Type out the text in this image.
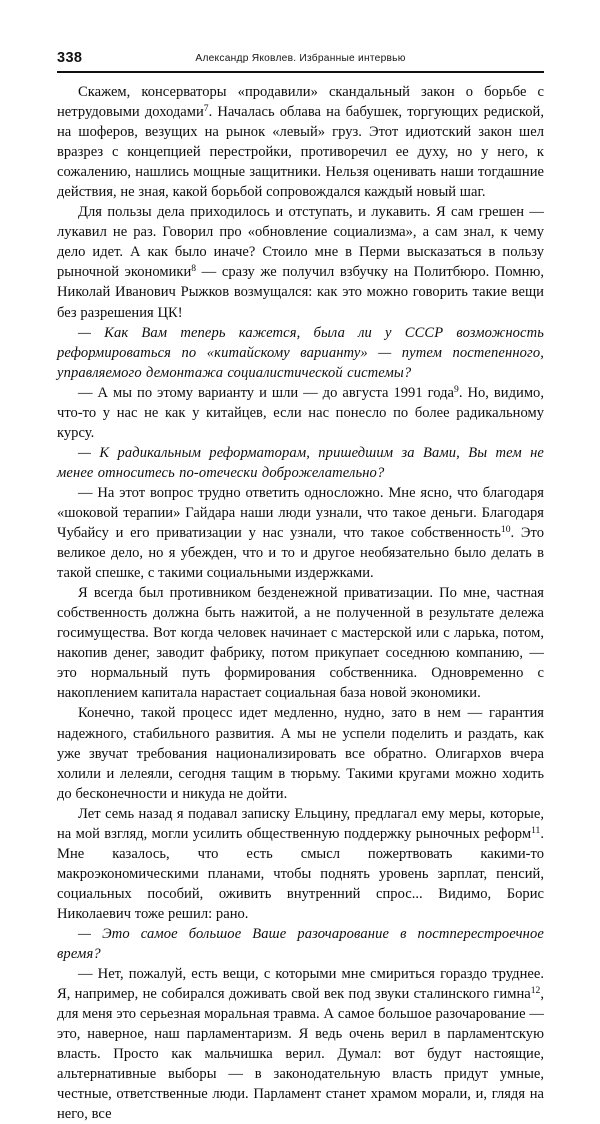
338	Александр Яковлев. Избранные интервью

Скажем, консерваторы «продавили» скандальный закон о борьбе с нетрудовыми доходами$^7$. Началась облава на бабушек, торгующих редиской, на шоферов, везущих на рынок «левый» груз. Этот идиотский закон шел вразрез с концепцией перестройки, противоречил ее духу, но у него, к сожалению, нашлись мощные защитники. Нельзя оценивать наши тогдашние действия, не зная, какой борьбой сопровождался каждый новый шаг.

Для пользы дела приходилось и отступать, и лукавить. Я сам грешен — лукавил не раз. Говорил про «обновление социализма», а сам знал, к чему дело идет. А как было иначе? Стоило мне в Перми высказаться в пользу рыночной экономики$^8$ — сразу же получил взбучку на Политбюро. Помню, Николай Иванович Рыжков возмущался: как это можно говорить такие вещи без разрешения ЦК!

— Как Вам теперь кажется, была ли у СССР возможность реформироваться по «китайскому варианту» — путем постепенного, управляемого демонтажа социалистической системы?

— А мы по этому варианту и шли — до августа 1991 года$^9$. Но, видимо, что-то у нас не как у китайцев, если нас понесло по более радикальному курсу.

— К радикальным реформаторам, пришедшим за Вами, Вы тем не менее относитесь по-отечески доброжелательно?

— На этот вопрос трудно ответить односложно. Мне ясно, что благодаря «шоковой терапии» Гайдара наши люди узнали, что такое деньги. Благодаря Чубайсу и его приватизации у нас узнали, что такое собственность$^{10}$. Это великое дело, но я убежден, что и то и другое необязательно было делать в такой спешке, с такими социальными издержками.

Я всегда был противником безденежной приватизации. По мне, частная собственность должна быть нажитой, а не полученной в результате дележа госимущества. Вот когда человек начинает с мастерской или с ларька, потом, накопив денег, заводит фабрику, потом прикупает соседнюю компанию, — это нормальный путь формирования собственника. Одновременно с накоплением капитала нарастает социальная база новой экономики.

Конечно, такой процесс идет медленно, нудно, зато в нем — гарантия надежного, стабильного развития. А мы не успели поделить и раздать, как уже звучат требования национализировать все обратно. Олигархов вчера холили и лелеяли, сегодня тащим в тюрьму. Такими кругами можно ходить до бесконечности и никуда не дойти.

Лет семь назад я подавал записку Ельцину, предлагал ему меры, которые, на мой взгляд, могли усилить общественную поддержку рыночных реформ$^{11}$. Мне казалось, что есть смысл пожертвовать какими-то макроэкономическими планами, чтобы поднять уровень зарплат, пенсий, социальных пособий, оживить внутренний спрос... Видимо, Борис Николаевич тоже решил: рано.

— Это самое большое Ваше разочарование в постперестроечное время?

— Нет, пожалуй, есть вещи, с которыми мне смириться гораздо труднее. Я, например, не собирался доживать свой век под звуки сталинского гимна$^{12}$, для меня это серьезная моральная травма. А самое большое разочарование — это, наверное, наш парламентаризм. Я ведь очень верил в парламентскую власть. Просто как мальчишка верил. Думал: вот будут настоящие, альтернативные выборы — в законодательную власть придут умные, честные, ответственные люди. Парламент станет храмом морали, и, глядя на него, все
